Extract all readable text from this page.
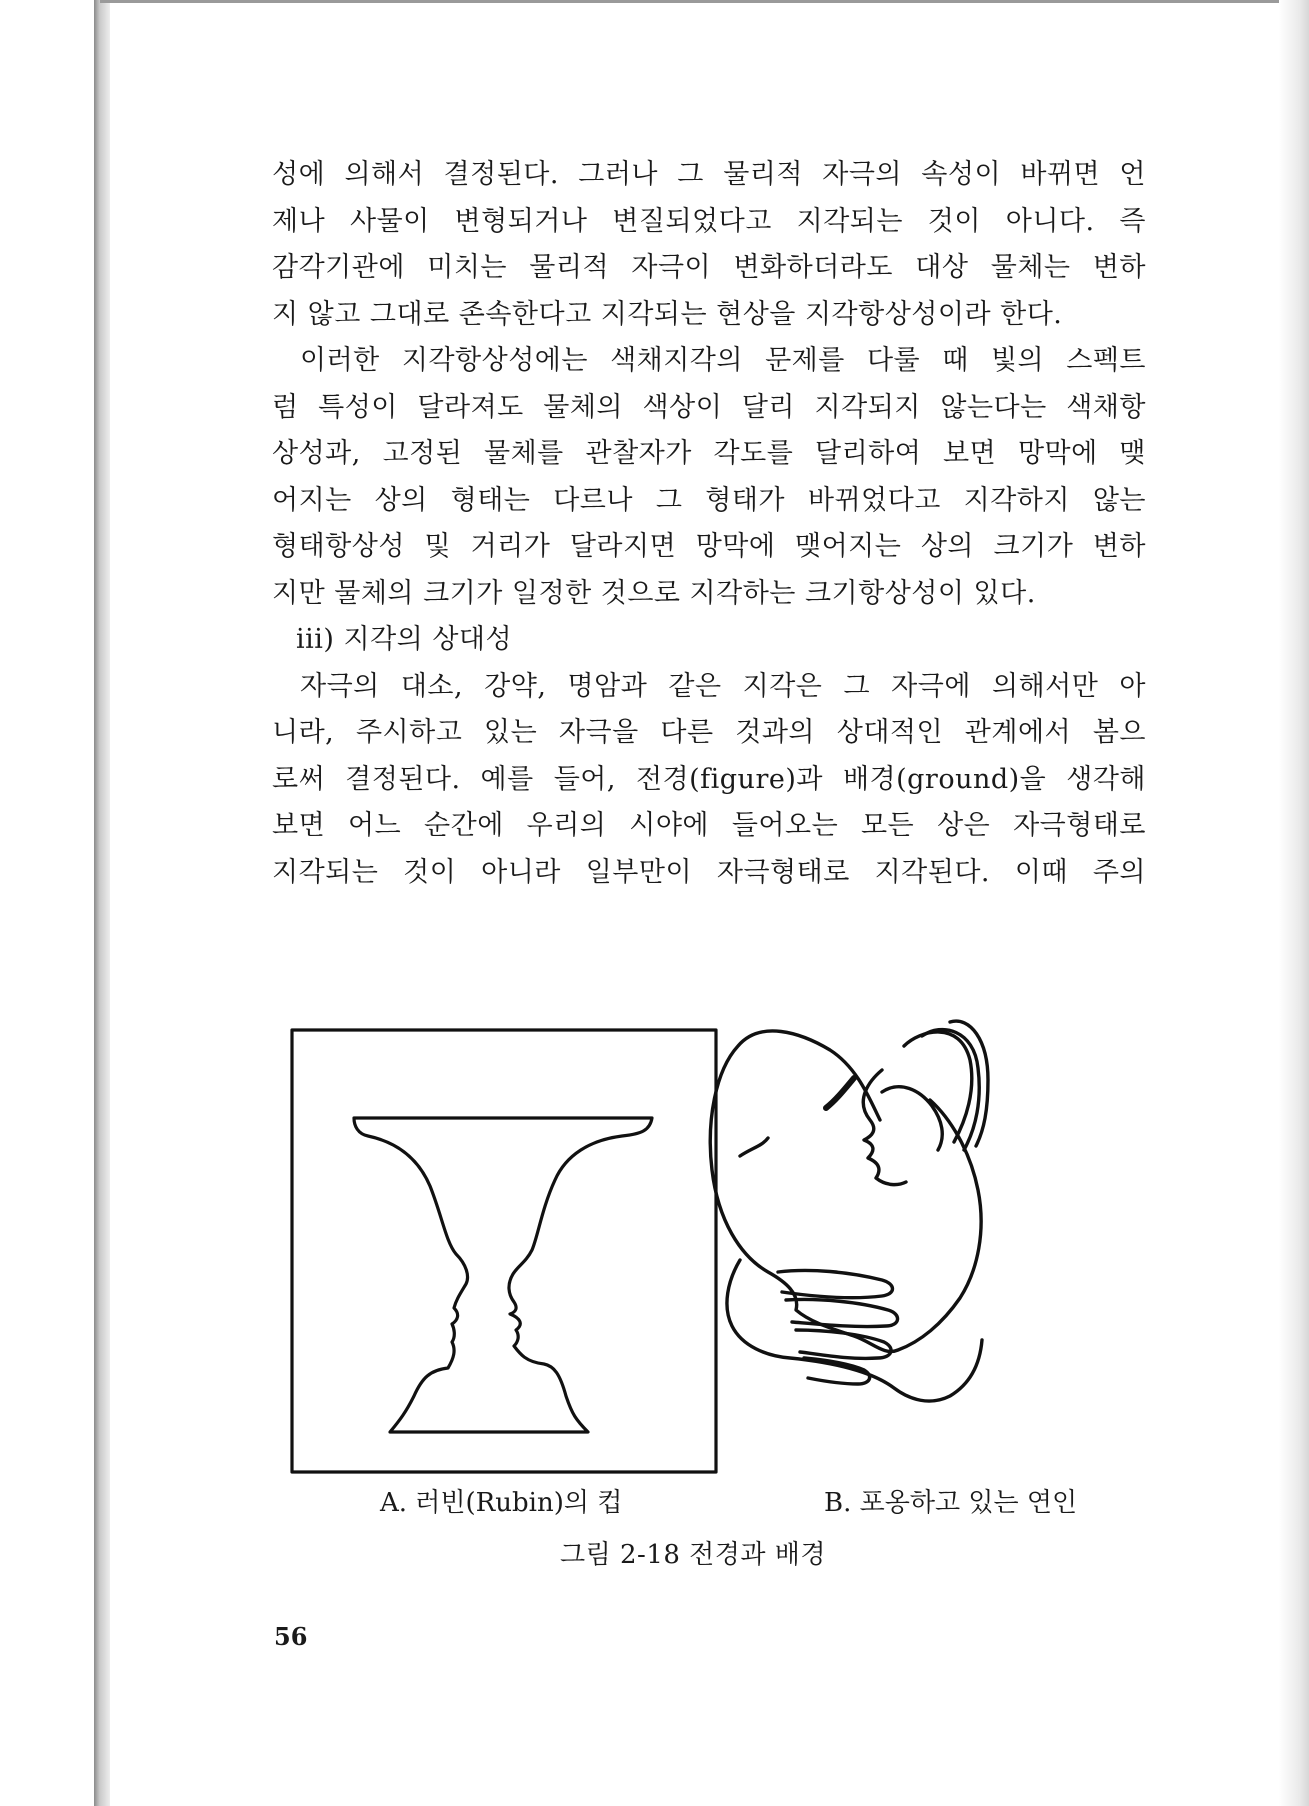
성에 의해서 결정된다. 그러나 그 물리적 자극의 속성이 바뀌면 언
제나 사물이 변형되거나 변질되었다고 지각되는 것이 아니다. 즉
감각기관에 미치는 물리적 자극이 변화하더라도 대상 물체는 변하
지 않고 그대로 존속한다고 지각되는 현상을 지각항상성이라 한다.
이러한 지각항상성에는 색채지각의 문제를 다룰 때 빛의 스펙트
럼 특성이 달라져도 물체의 색상이 달리 지각되지 않는다는 색채항
상성과, 고정된 물체를 관찰자가 각도를 달리하여 보면 망막에 맺
어지는 상의 형태는 다르나 그 형태가 바뀌었다고 지각하지 않는
형태항상성 및 거리가 달라지면 망막에 맺어지는 상의 크기가 변하
지만 물체의 크기가 일정한 것으로 지각하는 크기항상성이 있다.
iii) 지각의 상대성
자극의 대소, 강약, 명암과 같은 지각은 그 자극에 의해서만 아
니라, 주시하고 있는 자극을 다른 것과의 상대적인 관계에서 봄으
로써 결정된다. 예를 들어, 전경(figure)과 배경(ground)을 생각해
보면 어느 순간에 우리의 시야에 들어오는 모든 상은 자극형태로
지각되는 것이 아니라 일부만이 자극형태로 지각된다. 이때 주의
A. 러빈(Rubin)의 컵	B. 포옹하고 있는 연인
그림 2-18 전경과 배경
56
